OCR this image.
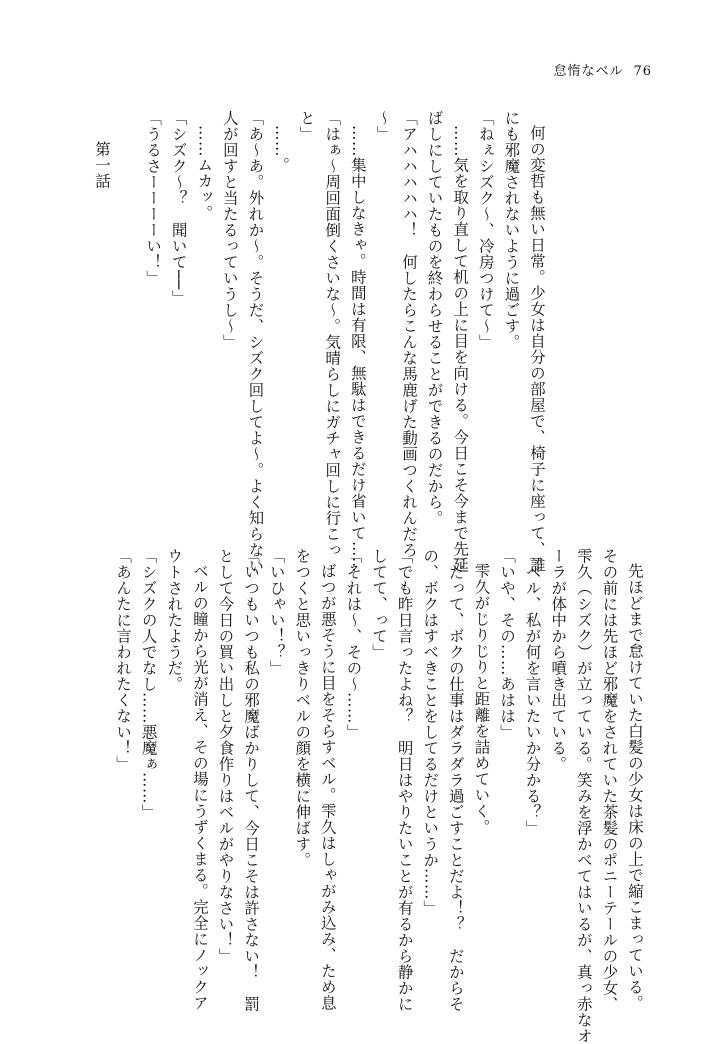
怠惰なベル 76
何の変哲も無い日常。少女は自分の部屋で、椅子に座って、誰
にも邪魔されないように過ごす。
「ねぇシズク〜、冷房つけて〜」
……気を取り直して机の上に目を向ける。今日こそ今まで先延
ばしにしていたものを終わらせることができるのだから。
「アハハハハハ！　何したらこんな馬鹿げた動画つくれんだろ
〜」
……集中しなきゃ。時間は有限、無駄はできるだけ省いて……
「はぁ〜周回面倒くさいな〜。気晴らしにガチャ回しに行こっ
と」
……。
「あ〜あ。外れか〜。そうだ、シズク回してよ〜。よく知らない
人が回すと当たるっていうし〜」
……ムカッ。
「シズク〜？　聞いて──」
「うるさーーーーい！」
第一話
先ほどまで怠けていた白髪の少女は床の上で縮こまっている。
その前には先ほど邪魔をされていた茶髪のポニーテールの少女、
雫久（シズク）が立っている。笑みを浮かべてはいるが、真っ赤なオ
ーラが体中から噴き出ている。
「ベル、私が何を言いたいか分かる？」
「いや、その……あはは」
雫久がじりじりと距離を詰めていく。
「だって、ボクの仕事はダラダラ過ごすことだよ！？　だからそ
の、ボクはすべきことをしてるだけというか……」
「でも昨日言ったよね？　明日はやりたいことが有るから静かに
してて、って」
「それは〜、その〜……」
ばつが悪そうに目をそらすベル。雫久はしゃがみ込み、ため息
をつくと思いっきりベルの顔を横に伸ばす。
「いひゃい！？」
「いつもいつも私の邪魔ばかりして、今日こそは許さない！　罰
として今日の買い出しと夕食作りはベルがやりなさい！」
ベルの瞳から光が消え、その場にうずくまる。完全にノックア
ウトされたようだ。
「シズクの人でなし……悪魔ぁ……」
「あんたに言われたくない！」
